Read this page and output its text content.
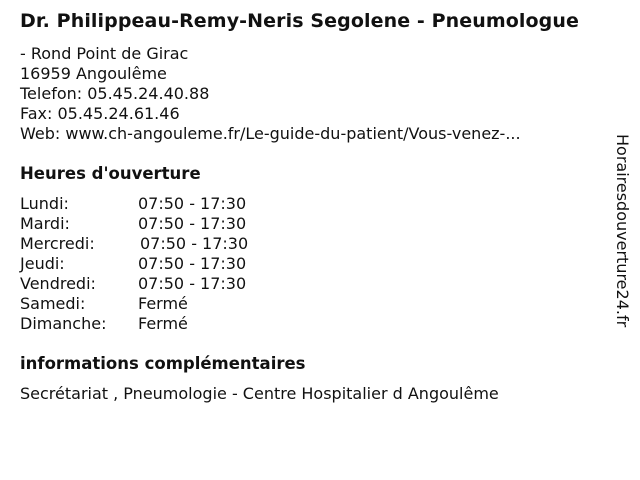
Dr. Philippeau-Remy-Neris Segolene - Pneumologue
- Rond Point de Girac
16959 Angoulême
Telefon: 05.45.24.40.88
Fax: 05.45.24.61.46
Web: www.ch-angouleme.fr/Le-guide-du-patient/Vous-venez-...
Heures d'ouverture
Lundi:	07:50 - 17:30
Mardi:	07:50 - 17:30
Mercredi:	07:50 - 17:30
Jeudi:	07:50 - 17:30
Vendredi:	07:50 - 17:30
Samedi:	Fermé
Dimanche: Fermé
informations complémentaires
Secrétariat , Pneumologie - Centre Hospitalier d Angoulême
Horairesdouverture24.fr
